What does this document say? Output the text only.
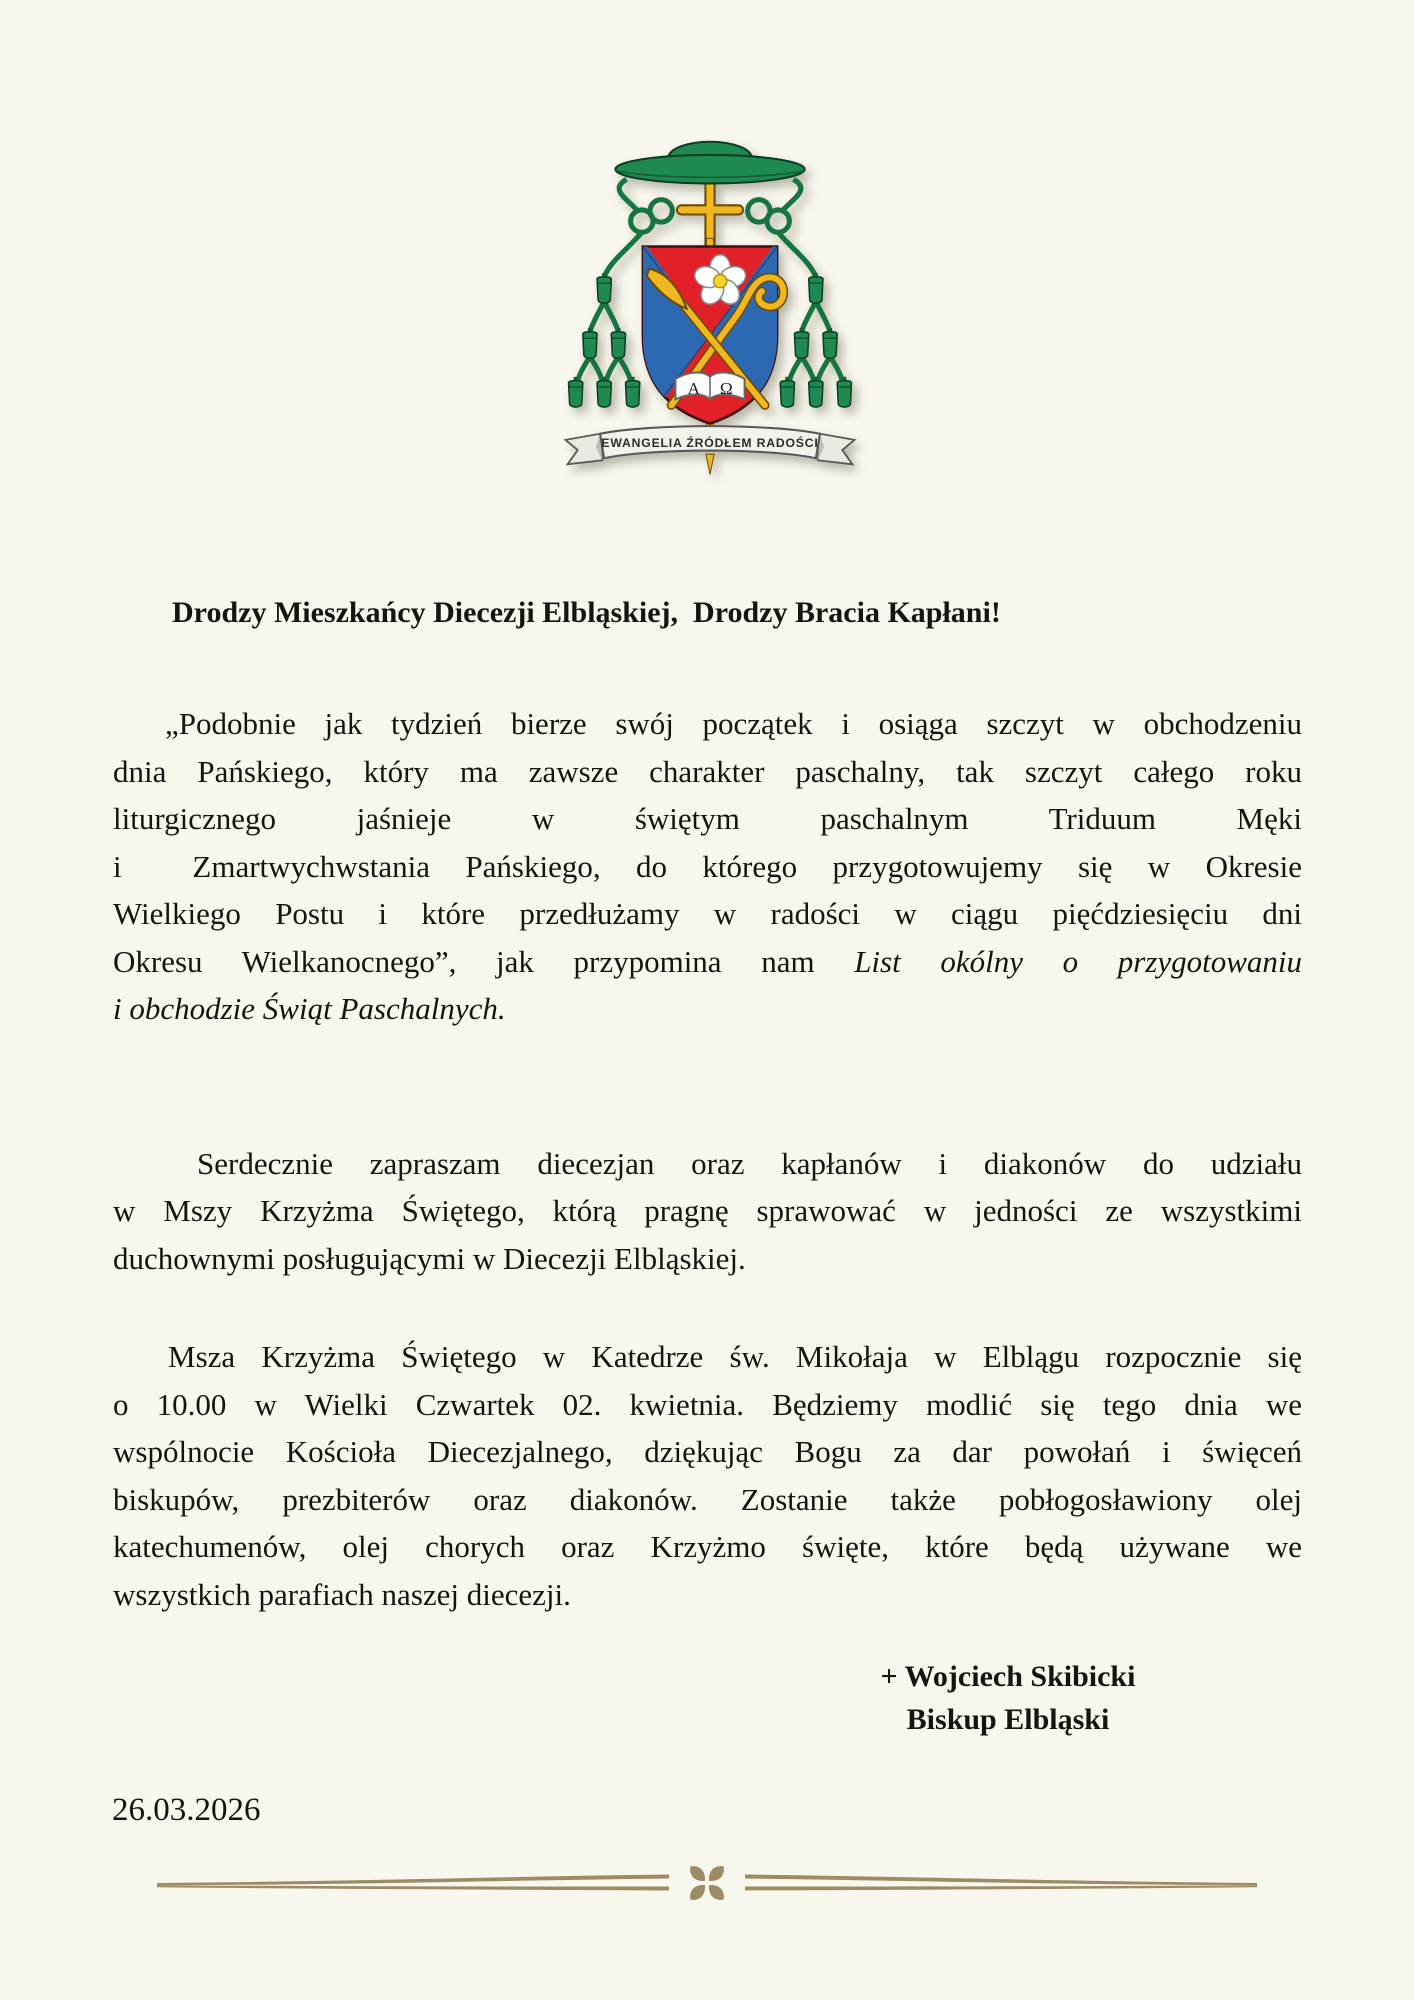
Α Ω
EWANGELIA ŹRÓDŁEM RADOŚCI
Drodzy Mieszkańcy Diecezji Elbląskiej,  Drodzy Bracia Kapłani!
„Podobnie jak tydzień bierze swój początek i osiąga szczyt w obchodzeniu
dnia Pańskiego, który ma zawsze charakter paschalny, tak szczyt całego roku
liturgicznego jaśnieje w świętym paschalnym Triduum Męki
i  Zmartwychwstania Pańskiego, do którego przygotowujemy się w Okresie
Wielkiego Postu i które przedłużamy w radości w ciągu pięćdziesięciu dni
Okresu Wielkanocnego”, jak przypomina nam List okólny o przygotowaniu
i obchodzie Świąt Paschalnych.
Serdecznie zapraszam diecezjan oraz kapłanów i diakonów do udziału
w Mszy Krzyżma Świętego, którą pragnę sprawować w jedności ze wszystkimi
duchownymi posługującymi w Diecezji Elbląskiej.
Msza Krzyżma Świętego w Katedrze św. Mikołaja w Elblągu rozpocznie się
o 10.00 w Wielki Czwartek 02. kwietnia. Będziemy modlić się tego dnia we
wspólnocie Kościoła Diecezjalnego, dziękując Bogu za dar powołań i święceń
biskupów, prezbiterów oraz diakonów. Zostanie także pobłogosławiony olej
katechumenów, olej chorych oraz Krzyżmo święte, które będą używane we
wszystkich parafiach naszej diecezji.
+ Wojciech Skibicki
Biskup Elbląski
26.03.2026
